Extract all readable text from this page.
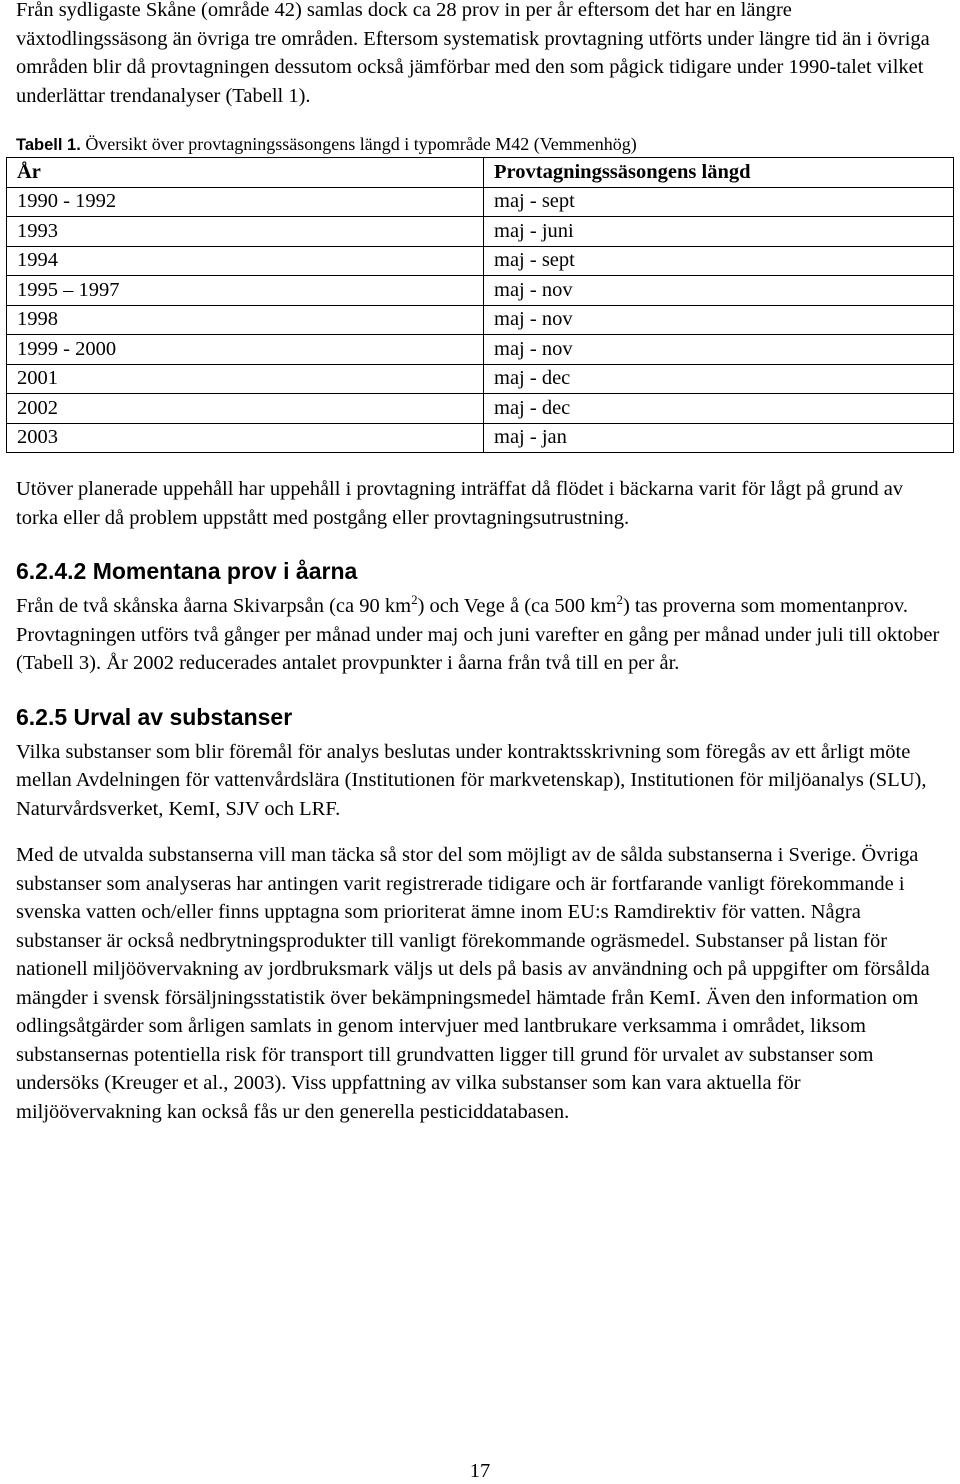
Från sydligaste Skåne (område 42) samlas dock ca 28 prov in per år eftersom det har en längre växtodlingssäsong än övriga tre områden. Eftersom systematisk provtagning utförts under längre tid än i övriga områden blir då provtagningen dessutom också jämförbar med den som pågick tidigare under 1990-talet vilket underlättar trendanalyser (Tabell 1).

Tabell 1. Översikt över provtagningssäsongens längd i typområde M42 (Vemmenhög)
År	Provtagningssäsongens längd
1990 - 1992	maj - sept
1993	maj - juni
1994	maj - sept
1995 – 1997	maj - nov
1998	maj - nov
1999 - 2000	maj - nov
2001	maj - dec
2002	maj - dec
2003	maj - jan

Utöver planerade uppehåll har uppehåll i provtagning inträffat då flödet i bäckarna varit för lågt på grund av torka eller då problem uppstått med postgång eller provtagningsutrustning.

6.2.4.2 Momentana prov i åarna

Från de två skånska åarna Skivarpsån (ca 90 $km^2$) och Vege å (ca 500 $km^2$) tas proverna som momentanprov. Provtagningen utförs två gånger per månad under maj och juni varefter en gång per månad under juli till oktober (Tabell 3). År 2002 reducerades antalet provpunkter i åarna från två till en per år.

6.2.5 Urval av substanser

Vilka substanser som blir föremål för analys beslutas under kontraktsskrivning som föregås av ett årligt möte mellan Avdelningen för vattenvårdslära (Institutionen för markvetenskap), Institutionen för miljöanalys (SLU), Naturvårdsverket, KemI, SJV och LRF.

Med de utvalda substanserna vill man täcka så stor del som möjligt av de sålda substanserna i Sverige. Övriga substanser som analyseras har antingen varit registrerade tidigare och är fortfarande vanligt förekommande i svenska vatten och/eller finns upptagna som prioriterat ämne inom EU:s Ramdirektiv för vatten. Några substanser är också nedbrytningsprodukter till vanligt förekommande ogräsmedel. Substanser på listan för nationell miljöövervakning av jordbruksmark väljs ut dels på basis av användning och på uppgifter om försålda mängder i svensk försäljningsstatistik över bekämpningsmedel hämtade från KemI. Även den information om odlingsåtgärder som årligen samlats in genom intervjuer med lantbrukare verksamma i området, liksom substansernas potentiella risk för transport till grundvatten ligger till grund för urvalet av substanser som undersöks (Kreuger et al., 2003). Viss uppfattning av vilka substanser som kan vara aktuella för miljöövervakning kan också fås ur den generella pesticiddatabasen.

17
